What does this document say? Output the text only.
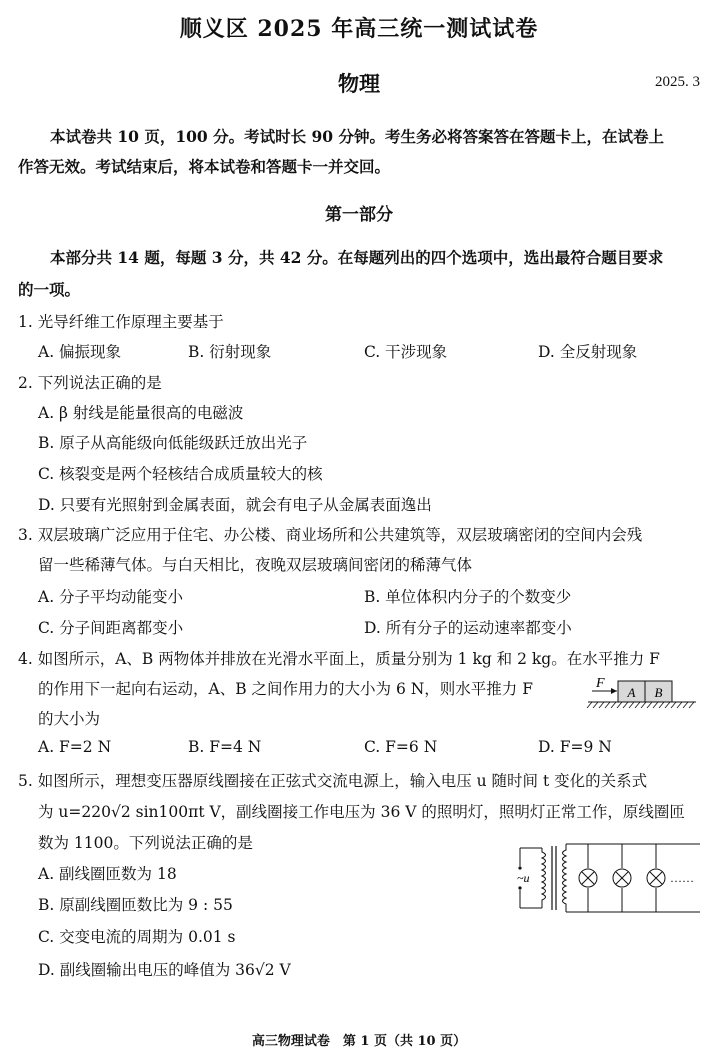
顺义区 2025 年高三统一测试试卷
物理	2025. 3
本试卷共 10 页，100 分。考试时长 90 分钟。考生务必将答案答在答题卡上，在试卷上
作答无效。考试结束后，将本试卷和答题卡一并交回。
第一部分
本部分共 14 题，每题 3 分，共 42 分。在每题列出的四个选项中，选出最符合题目要求
的一项。
1. 光导纤维工作原理主要基于
A. 偏振现象	B. 衍射现象	C. 干涉现象	D. 全反射现象
2. 下列说法正确的是
A. β 射线是能量很高的电磁波
B. 原子从高能级向低能级跃迁放出光子
C. 核裂变是两个轻核结合成质量较大的核
D. 只要有光照射到金属表面，就会有电子从金属表面逸出
3. 双层玻璃广泛应用于住宅、办公楼、商业场所和公共建筑等，双层玻璃密闭的空间内会残
留一些稀薄气体。与白天相比，夜晚双层玻璃间密闭的稀薄气体
A. 分子平均动能变小	B. 单位体积内分子的个数变少
C. 分子间距离都变小	D. 所有分子的运动速率都变小
4. 如图所示，A、B 两物体并排放在光滑水平面上，质量分别为 1 kg 和 2 kg。在水平推力 F
的作用下一起向右运动，A、B 之间作用力的大小为 6 N，则水平推力 F
的大小为
F
A B
A. F=2 N	B. F=4 N	C. F=6 N	D. F=9 N
5. 如图所示，理想变压器原线圈接在正弦式交流电源上，输入电压 u 随时间 t 变化的关系式
为 u=220√2 sin100πt V，副线圈接工作电压为 36 V 的照明灯，照明灯正常工作，原线圈匝
数为 1100。下列说法正确的是
~u	……
A. 副线圈匝数为 18
B. 原副线圈匝数比为 9 : 55
C. 交变电流的周期为 0.01 s
D. 副线圈输出电压的峰值为 36√2 V
高三物理试卷　第 1 页（共 10 页）
